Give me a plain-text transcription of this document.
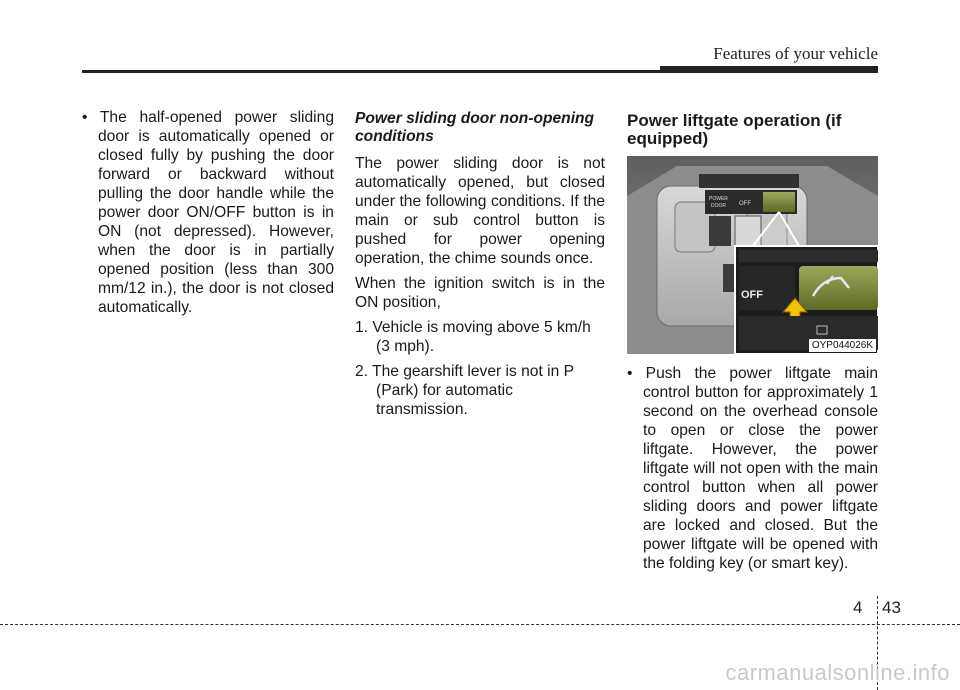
Features of your vehicle

• The half-opened power sliding door is automatically opened or closed fully by pushing the door forward or backward without pulling the door handle while the power door ON/OFF button is in ON (not depressed). However, when the door is in partially opened position (less than 300 mm/12 in.), the door is not closed automatically.

Power sliding door non-opening conditions

The power sliding door is not automatically opened, but closed under the following conditions. If the main or sub control button is pushed for power opening operation, the chime sounds once.

When the ignition switch is in the ON position,

1. Vehicle is moving above 5 km/h (3 mph).

2. The gearshift lever is not in P (Park) for automatic transmission.

Power liftgate operation (if equipped)
POWER
DOOR OFF
OFF
OYP044026K

• Push the power liftgate main control button for approximately 1 second on the overhead console to open or close the power liftgate. However, the power liftgate will not open with the main control button when all power sliding doors and power liftgate are locked and closed. But the power liftgate will be opened with the folding key (or smart key).

4 43
carmanualsonline.info
